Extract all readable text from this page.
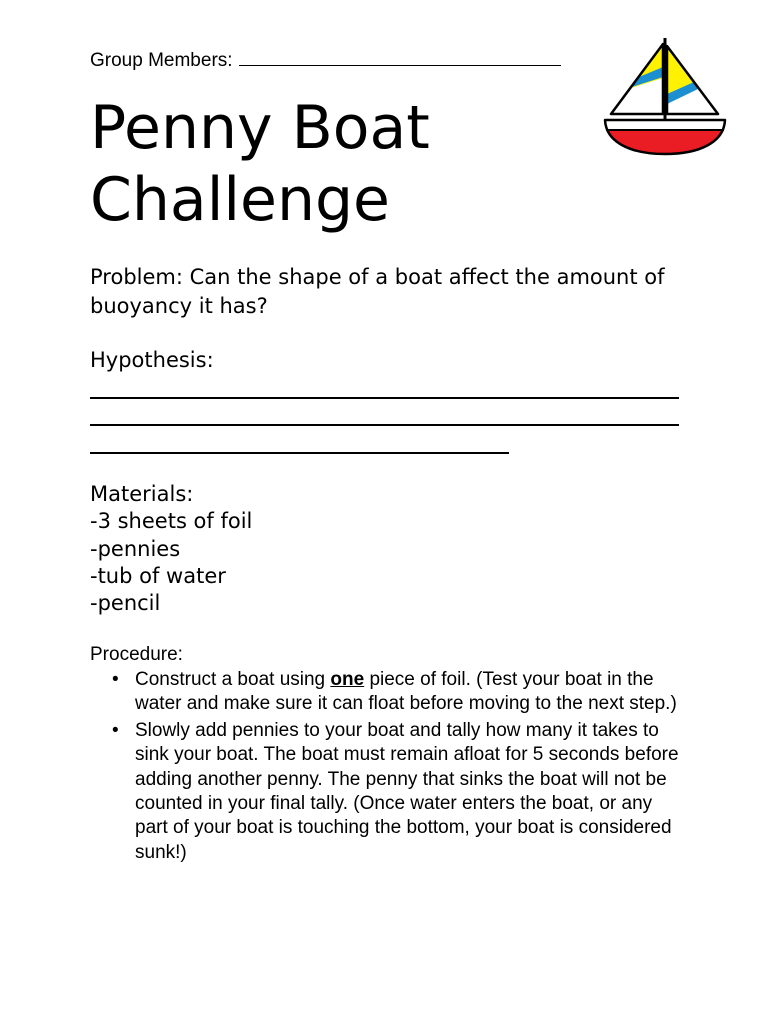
Group Members:
Penny Boat
Challenge

Problem: Can the shape of a boat affect the amount of buoyancy it has?

Hypothesis:

Materials:
-3 sheets of foil
-pennies
-tub of water
-pencil

Procedure:

• Construct a boat using one piece of foil. (Test your boat in the water and make sure it can float before moving to the next step.)
• Slowly add pennies to your boat and tally how many it takes to sink your boat. The boat must remain afloat for 5 seconds before adding another penny. The penny that sinks the boat will not be counted in your final tally. (Once water enters the boat, or any part of your boat is touching the bottom, your boat is considered sunk!)
